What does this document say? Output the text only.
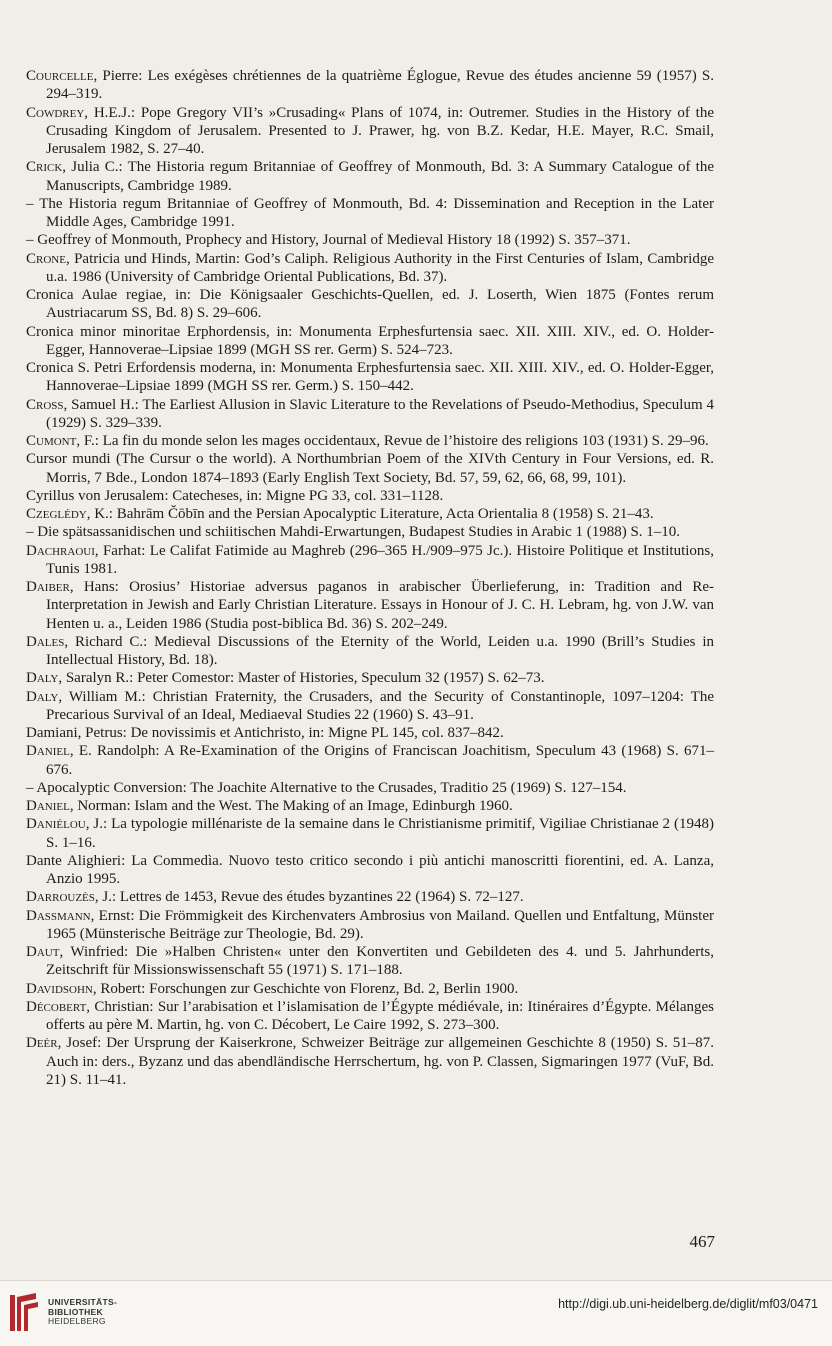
Courcelle, Pierre: Les exégèses chrétiennes de la quatrième Églogue, Revue des études ancienne 59 (1957) S. 294–319.
Cowdrey, H.E.J.: Pope Gregory VII’s »Crusading« Plans of 1074, in: Outremer. Studies in the History of the Crusading Kingdom of Jerusalem. Presented to J. Prawer, hg. von B.Z. Kedar, H.E. Mayer, R.C. Smail, Jerusalem 1982, S. 27–40.
Crick, Julia C.: The Historia regum Britanniae of Geoffrey of Monmouth, Bd. 3: A Summary Catalogue of the Manuscripts, Cambridge 1989.
– The Historia regum Britanniae of Geoffrey of Monmouth, Bd. 4: Dissemination and Reception in the Later Middle Ages, Cambridge 1991.
– Geoffrey of Monmouth, Prophecy and History, Journal of Medieval History 18 (1992) S. 357–371.
Crone, Patricia und Hinds, Martin: God’s Caliph. Religious Authority in the First Centuries of Islam, Cambridge u.a. 1986 (University of Cambridge Oriental Publications, Bd. 37).
Cronica Aulae regiae, in: Die Königsaaler Geschichts-Quellen, ed. J. Loserth, Wien 1875 (Fontes rerum Austriacarum SS, Bd. 8) S. 29–606.
Cronica minor minoritae Erphordensis, in: Monumenta Erphesfurtensia saec. XII. XIII. XIV., ed. O. Holder-Egger, Hannoverae–Lipsiae 1899 (MGH SS rer. Germ) S. 524–723.
Cronica S. Petri Erfordensis moderna, in: Monumenta Erphesfurtensia saec. XII. XIII. XIV., ed. O. Holder-Egger, Hannoverae–Lipsiae 1899 (MGH SS rer. Germ.) S. 150–442.
Cross, Samuel H.: The Earliest Allusion in Slavic Literature to the Revelations of Pseudo-Methodius, Speculum 4 (1929) S. 329–339.
Cumont, F.: La fin du monde selon les mages occidentaux, Revue de l’histoire des religions 103 (1931) S. 29–96.
Cursor mundi (The Cursur o the world). A Northumbrian Poem of the XIVth Century in Four Versions, ed. R. Morris, 7 Bde., London 1874–1893 (Early English Text Society, Bd. 57, 59, 62, 66, 68, 99, 101).
Cyrillus von Jerusalem: Catecheses, in: Migne PG 33, col. 331–1128.
Czeglédy, K.: Bahrām Čōbīn and the Persian Apocalyptic Literature, Acta Orientalia 8 (1958) S. 21–43.
– Die spätsassanidischen und schiitischen Mahdi-Erwartungen, Budapest Studies in Arabic 1 (1988) S. 1–10.
Dachraoui, Farhat: Le Califat Fatimide au Maghreb (296–365 H./909–975 Jc.). Histoire Politique et Institutions, Tunis 1981.
Daiber, Hans: Orosius’ Historiae adversus paganos in arabischer Überlieferung, in: Tradition and Re-Interpretation in Jewish and Early Christian Literature. Essays in Honour of J. C. H. Lebram, hg. von J.W. van Henten u. a., Leiden 1986 (Studia post-biblica Bd. 36) S. 202–249.
Dales, Richard C.: Medieval Discussions of the Eternity of the World, Leiden u.a. 1990 (Brill’s Studies in Intellectual History, Bd. 18).
Daly, Saralyn R.: Peter Comestor: Master of Histories, Speculum 32 (1957) S. 62–73.
Daly, William M.: Christian Fraternity, the Crusaders, and the Security of Constantinople, 1097–1204: The Precarious Survival of an Ideal, Mediaeval Studies 22 (1960) S. 43–91.
Damiani, Petrus: De novissimis et Antichristo, in: Migne PL 145, col. 837–842.
Daniel, E. Randolph: A Re-Examination of the Origins of Franciscan Joachitism, Speculum 43 (1968) S. 671–676.
– Apocalyptic Conversion: The Joachite Alternative to the Crusades, Traditio 25 (1969) S. 127–154.
Daniel, Norman: Islam and the West. The Making of an Image, Edinburgh 1960.
Daniélou, J.: La typologie millénariste de la semaine dans le Christianisme primitif, Vigiliae Christianae 2 (1948) S. 1–16.
Dante Alighieri: La Commedìa. Nuovo testo critico secondo i più antichi manoscritti fiorentini, ed. A. Lanza, Anzio 1995.
Darrouzès, J.: Lettres de 1453, Revue des études byzantines 22 (1964) S. 72–127.
Dassmann, Ernst: Die Frömmigkeit des Kirchenvaters Ambrosius von Mailand. Quellen und Entfaltung, Münster 1965 (Münsterische Beiträge zur Theologie, Bd. 29).
Daut, Winfried: Die »Halben Christen« unter den Konvertiten und Gebildeten des 4. und 5. Jahrhunderts, Zeitschrift für Missionswissenschaft 55 (1971) S. 171–188.
Davidsohn, Robert: Forschungen zur Geschichte von Florenz, Bd. 2, Berlin 1900.
Décobert, Christian: Sur l’arabisation et l’islamisation de l’Égypte médiévale, in: Itinéraires d’Égypte. Mélanges offerts au père M. Martin, hg. von C. Décobert, Le Caire 1992, S. 273–300.
Deér, Josef: Der Ursprung der Kaiserkrone, Schweizer Beiträge zur allgemeinen Geschichte 8 (1950) S. 51–87. Auch in: ders., Byzanz und das abendländische Herrschertum, hg. von P. Classen, Sigmaringen 1977 (VuF, Bd. 21) S. 11–41.
467
UNIVERSITÄTS-
BIBLIOTHEK
HEIDELBERG
http://digi.ub.uni-heidelberg.de/diglit/mf03/0471
